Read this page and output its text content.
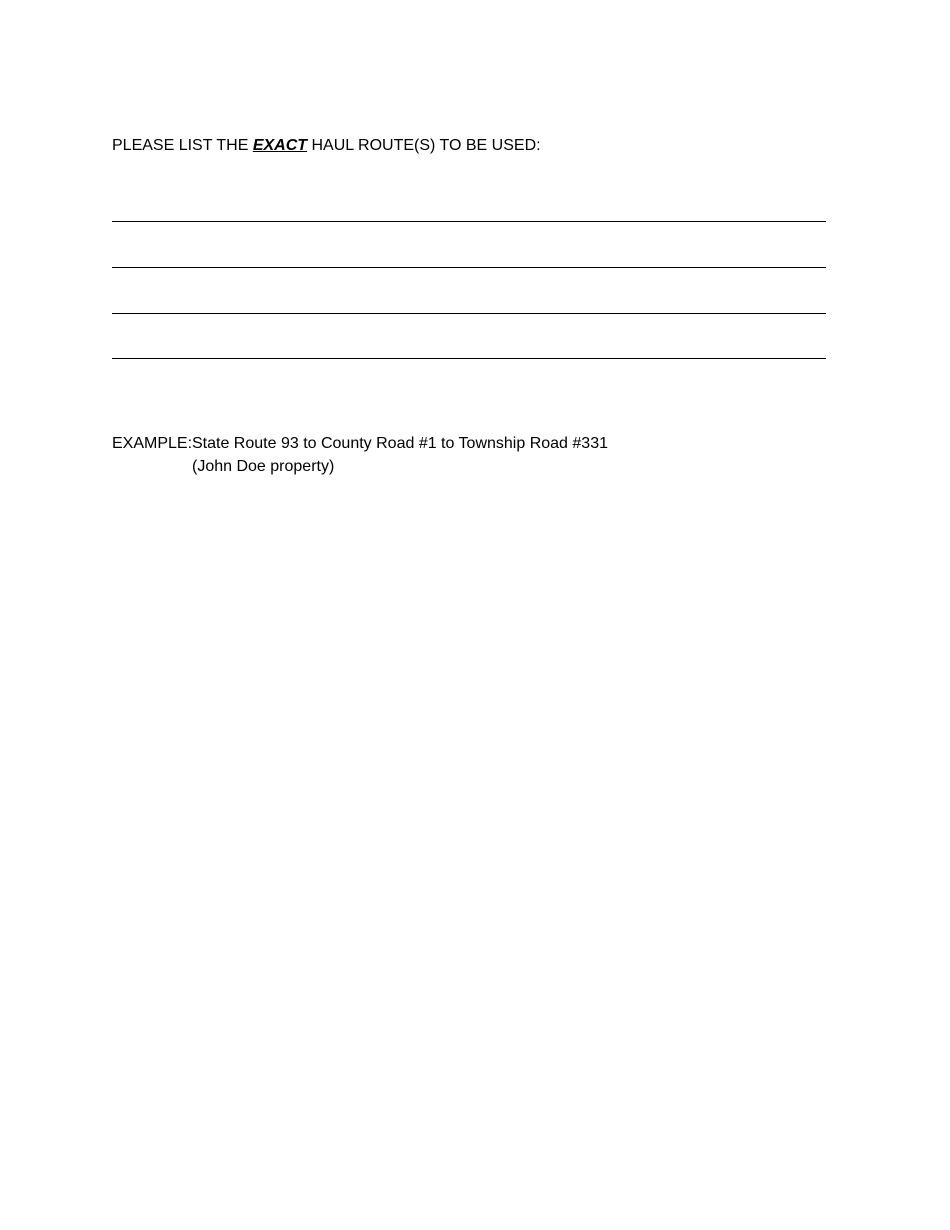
PLEASE LIST THE EXACT HAUL ROUTE(S) TO BE USED:
EXAMPLE:State Route 93 to County Road #1 to Township Road #331
(John Doe property)
